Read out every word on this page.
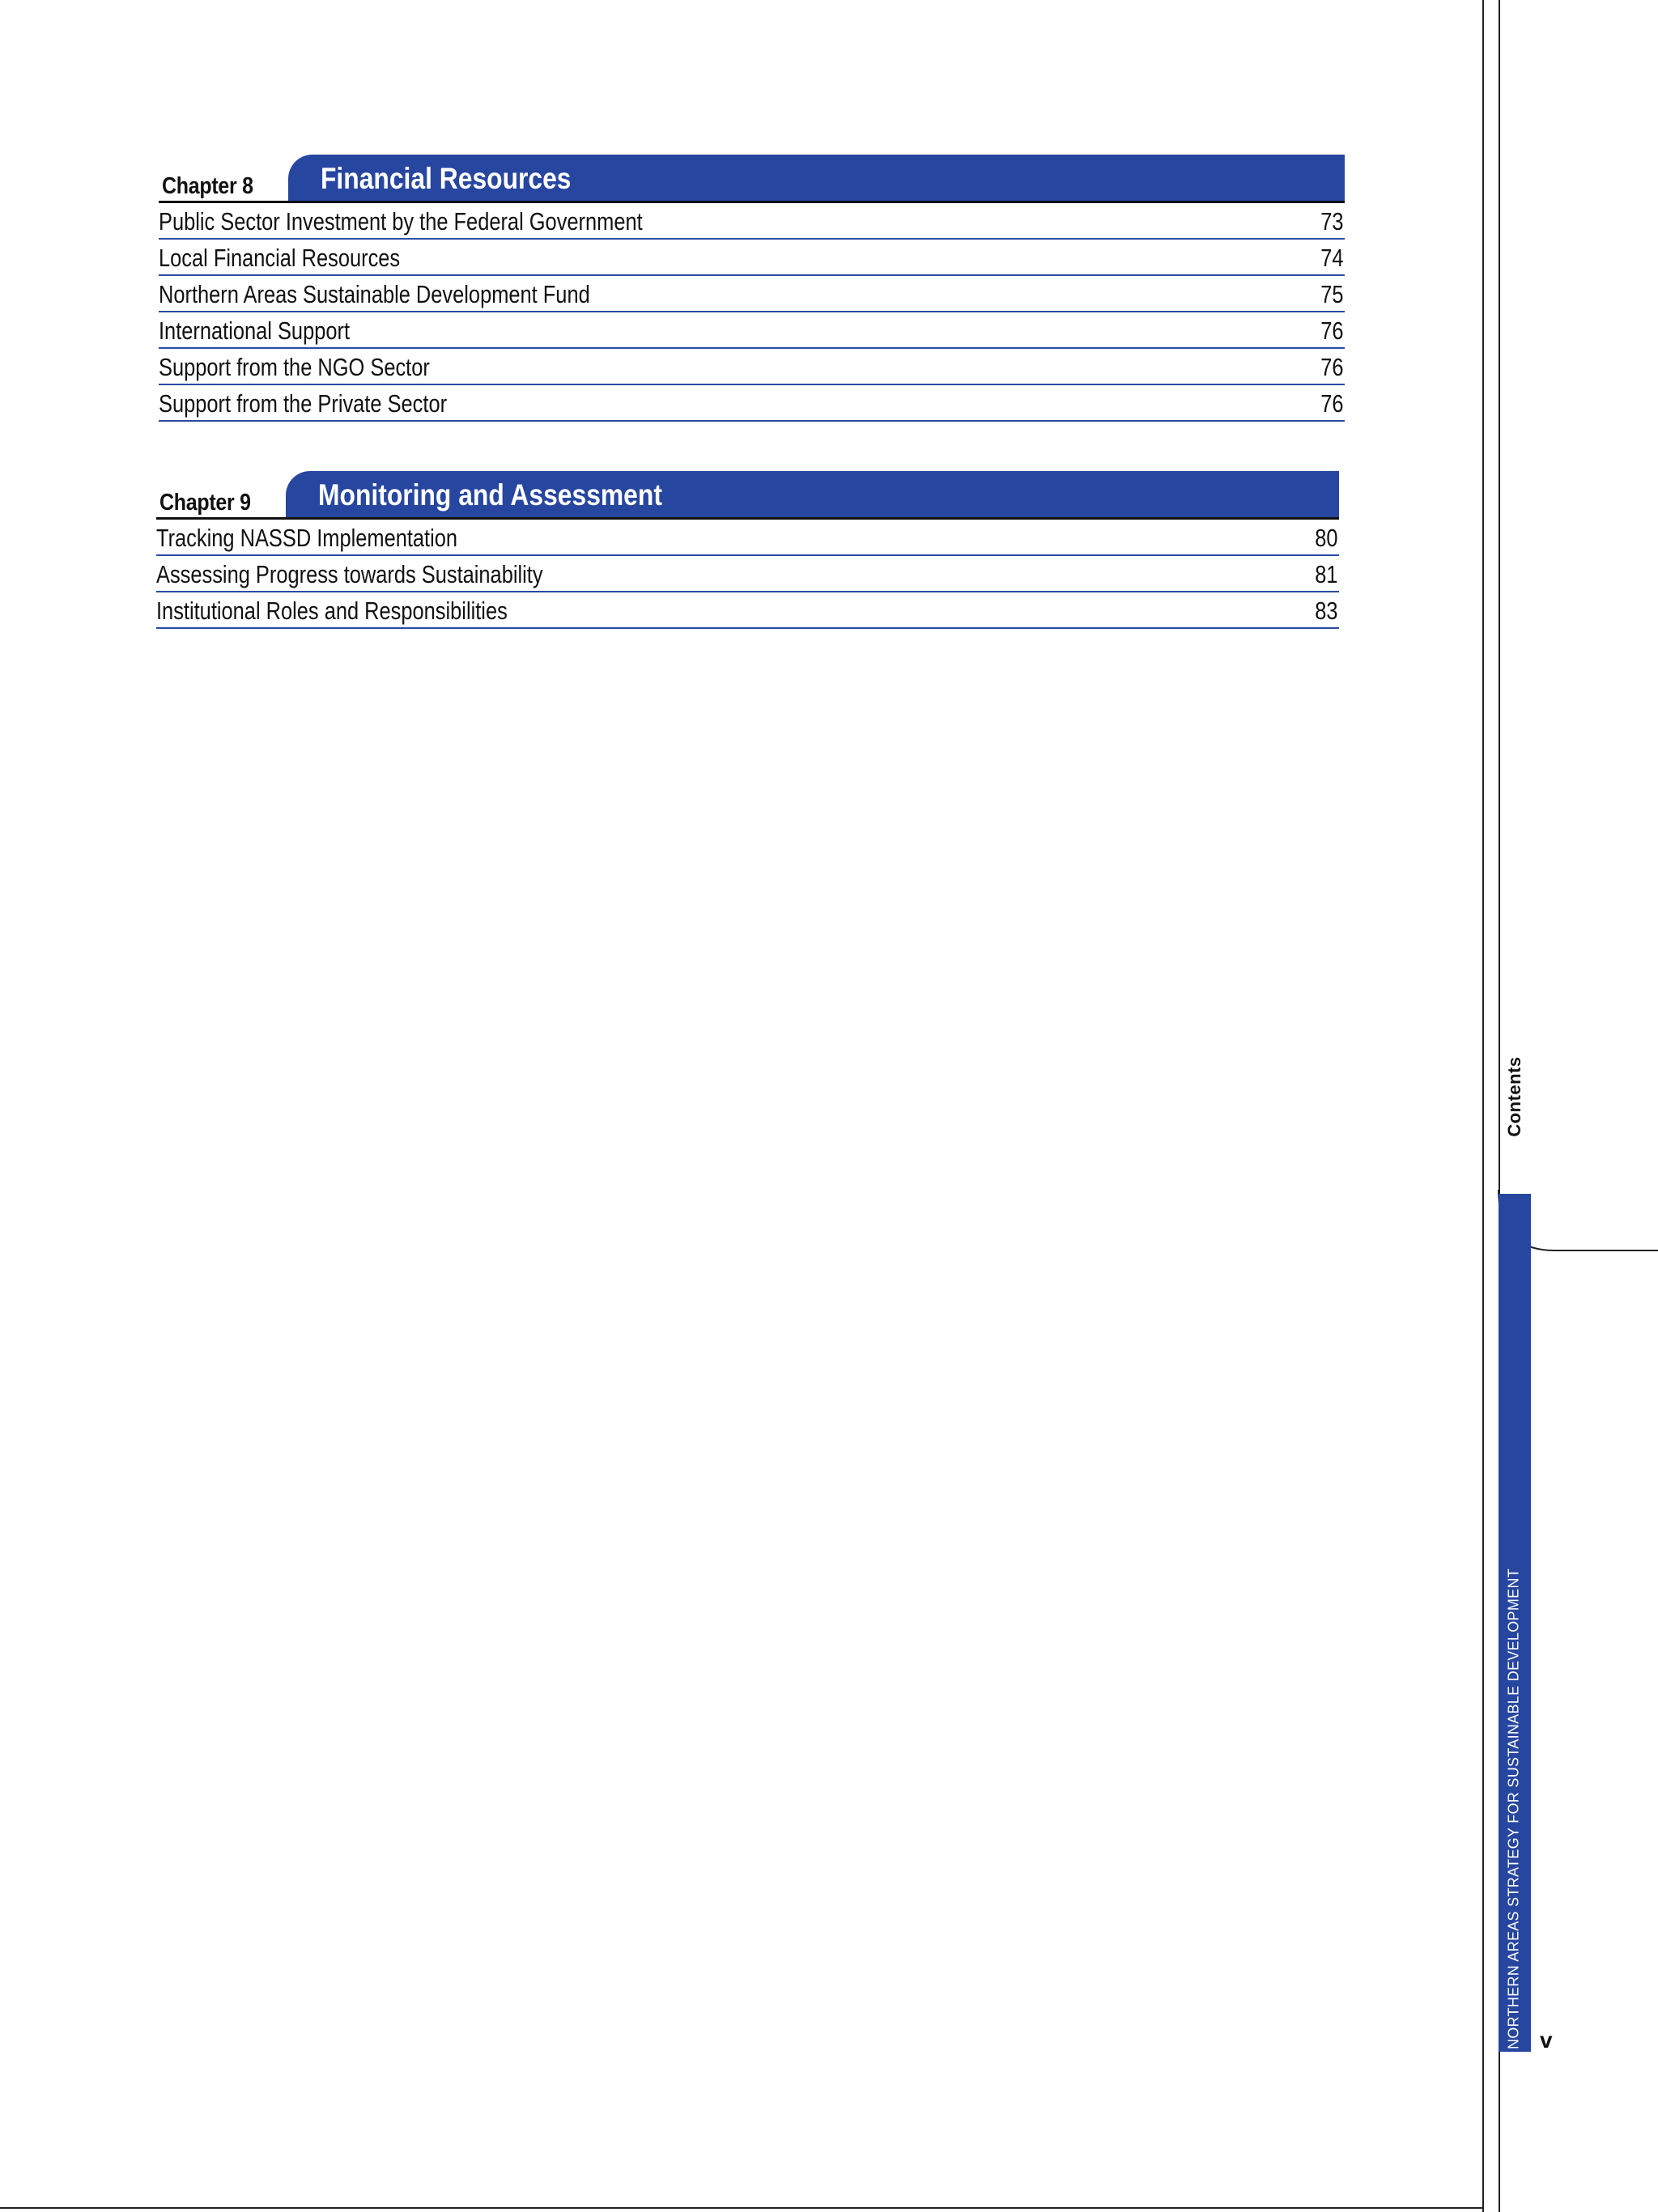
Chapter 8 Financial Resources
Public Sector Investment by the Federal Government	73
Local Financial Resources	74
Northern Areas Sustainable Development Fund	75
International Support	76
Support from the NGO Sector	76
Support from the Private Sector	76
Chapter 9 Monitoring and Assessment
Tracking NASSD Implementation	80
Assessing Progress towards Sustainability	81
Institutional Roles and Responsibilities	83
Contents
NORTHERN AREAS STRATEGY FOR SUSTAINABLE DEVELOPMENT v
